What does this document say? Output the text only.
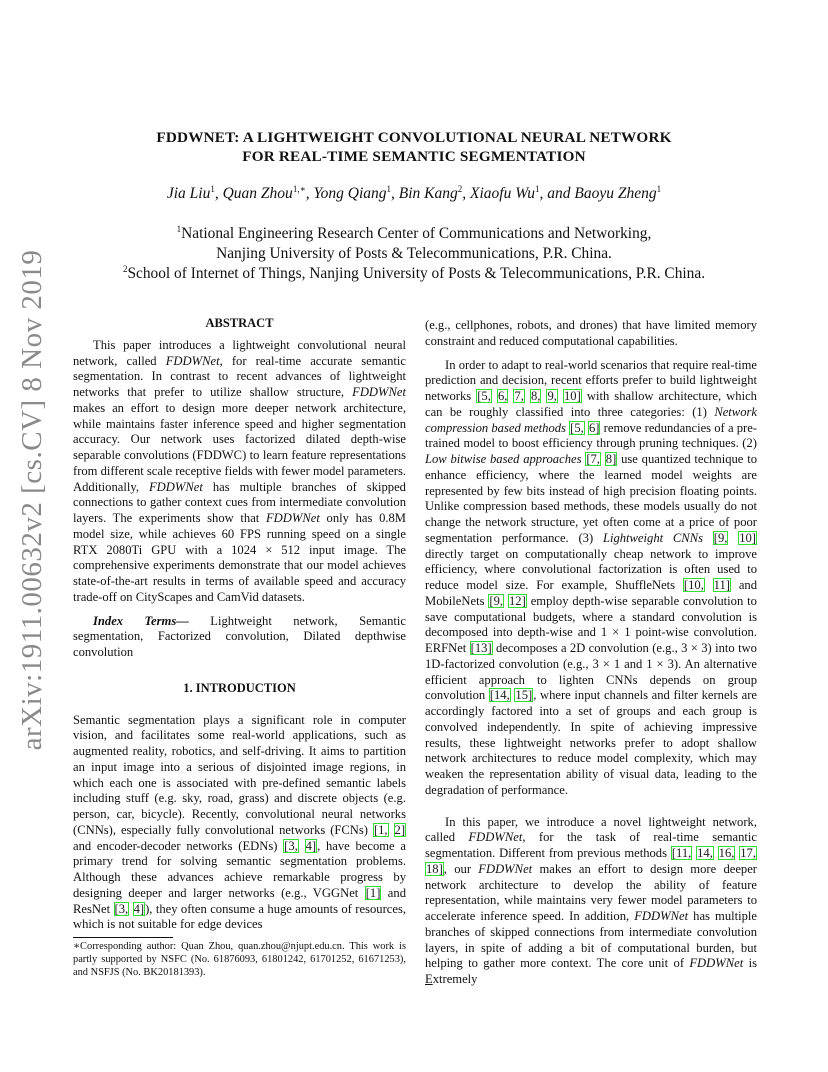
arXiv:1911.00632v2 [cs.CV] 8 Nov 2019
FDDWNET: A LIGHTWEIGHT CONVOLUTIONAL NEURAL NETWORK
FOR REAL-TIME SEMANTIC SEGMENTATION
Jia Liu$^1$, Quan Zhou$^{1,∗}$, Yong Qiang$^1$, Bin Kang$^2$, Xiaofu Wu$^1$, and Baoyu Zheng$^1$
$^1$National Engineering Research Center of Communications and Networking,
Nanjing University of Posts & Telecommunications, P.R. China.
$^2$School of Internet of Things, Nanjing University of Posts & Telecommunications, P.R. China.
ABSTRACT

This paper introduces a lightweight convolutional neural network, called FDDWNet, for real-time accurate semantic segmentation. In contrast to recent advances of lightweight networks that prefer to utilize shallow structure, FDDWNet makes an effort to design more deeper network architecture, while maintains faster inference speed and higher segmentation accuracy. Our network uses factorized dilated depth-wise separable convolutions (FDDWC) to learn feature representations from different scale receptive fields with fewer model parameters. Additionally, FDDWNet has multiple branches of skipped connections to gather context cues from intermediate convolution layers. The experiments show that FDDWNet only has 0.8M model size, while achieves 60 FPS running speed on a single RTX 2080Ti GPU with a 1024 × 512 input image. The comprehensive experiments demonstrate that our model achieves state-of-the-art results in terms of available speed and accuracy trade-off on CityScapes and CamVid datasets.

Index Terms— Lightweight network, Semantic segmentation, Factorized convolution, Dilated depthwise convolution

1. INTRODUCTION

Semantic segmentation plays a significant role in computer vision, and facilitates some real-world applications, such as augmented reality, robotics, and self-driving. It aims to partition an input image into a serious of disjointed image regions, in which each one is associated with pre-defined semantic labels including stuff (e.g. sky, road, grass) and discrete objects (e.g. person, car, bicycle). Recently, convolutional neural networks (CNNs), especially fully convolutional networks (FCNs) [1, 2] and encoder-decoder networks (EDNs) [3, 4], have become a primary trend for solving semantic segmentation problems. Although these advances achieve remarkable progress by designing deeper and larger networks (e.g., VGGNet [1] and ResNet [3, 4]), they often consume a huge amounts of resources, which is not suitable for edge devices

∗Corresponding author: Quan Zhou, quan.zhou@njupt.edu.cn. This work is partly supported by NSFC (No. 61876093, 61801242, 61701252, 61671253), and NSFJS (No. BK20181393).

(e.g., cellphones, robots, and drones) that have limited memory constraint and reduced computational capabilities.

In order to adapt to real-world scenarios that require real-time prediction and decision, recent efforts prefer to build lightweight networks [5, 6, 7, 8, 9, 10] with shallow architecture, which can be roughly classified into three categories: (1) Network compression based methods [5, 6] remove redundancies of a pre-trained model to boost efficiency through pruning techniques. (2) Low bitwise based approaches [7, 8] use quantized technique to enhance efficiency, where the learned model weights are represented by few bits instead of high precision floating points. Unlike compression based methods, these models usually do not change the network structure, yet often come at a price of poor segmentation performance. (3) Lightweight CNNs [9, 10] directly target on computationally cheap network to improve efficiency, where convolutional factorization is often used to reduce model size. For example, ShuffleNets [10, 11] and MobileNets [9, 12] employ depth-wise separable convolution to save computational budgets, where a standard convolution is decomposed into depth-wise and 1 × 1 point-wise convolution. ERFNet [13] decomposes a 2D convolution (e.g., 3 × 3) into two 1D-factorized convolution (e.g., 3 × 1 and 1 × 3). An alternative efficient approach to lighten CNNs depends on group convolution [14, 15], where input channels and filter kernels are accordingly factored into a set of groups and each group is convolved independently. In spite of achieving impressive results, these lightweight networks prefer to adopt shallow network architectures to reduce model complexity, which may weaken the representation ability of visual data, leading to the degradation of performance.

In this paper, we introduce a novel lightweight network, called FDDWNet, for the task of real-time semantic segmentation. Different from previous methods [11, 14, 16, 17, 18], our FDDWNet makes an effort to design more deeper network architecture to develop the ability of feature representation, while maintains very fewer model parameters to accelerate inference speed. In addition, FDDWNet has multiple branches of skipped connections from intermediate convolution layers, in spite of adding a bit of computational burden, but helping to gather more context. The core unit of FDDWNet is Extremely
